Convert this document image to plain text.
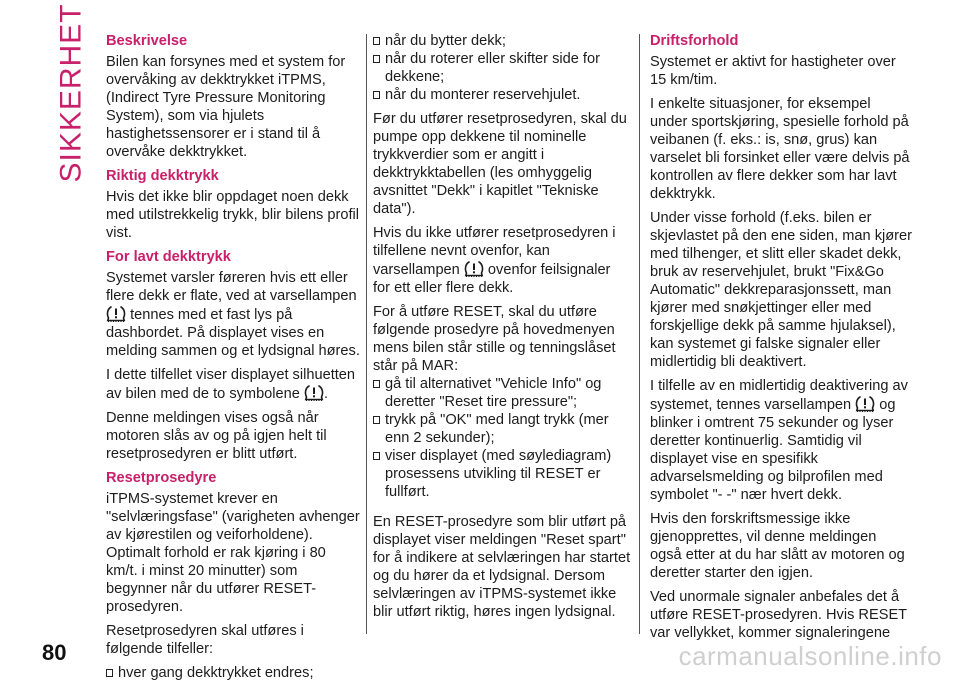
SIKKERHET Beskrivelse

Bilen kan forsynes med et system for overvåking av dekktrykket iTPMS, (Indirect Tyre Pressure Monitoring System), som via hjulets hastighetssensorer er i stand til å overvåke dekktrykket.

Riktig dekktrykk

Hvis det ikke blir oppdaget noen dekk med utilstrekkelig trykk, blir bilens profil vist.

For lavt dekktrykk

Systemet varsler føreren hvis ett eller flere dekk er flate, ved at varsellampen  tennes med et fast lys på dashbordet. På displayet vises en melding sammen og et lydsignal høres.

I dette tilfellet viser displayet silhuetten av bilen med de to symbolene .

Denne meldingen vises også når motoren slås av og på igjen helt til resetprosedyren er blitt utført.

Resetprosedyre

iTPMS-systemet krever en "selvlæringsfase" (varigheten avhenger av kjørestilen og veiforholdene). Optimalt forhold er rak kjøring i 80 km/t. i minst 20 minutter) som begynner når du utfører RESET-prosedyren.

Resetprosedyren skal utføres i følgende tilfeller:

hver gang dekktrykket endres;
når du bytter dekk;
når du roterer eller skifter side for dekkene;
når du monterer reservehjulet.

Før du utfører resetprosedyren, skal du pumpe opp dekkene til nominelle trykkverdier som er angitt i dekktrykktabellen (les omhyggelig avsnittet "Dekk" i kapitlet "Tekniske data").

Hvis du ikke utfører resetprosedyren i tilfellene nevnt ovenfor, kan varsellampen ovenfor feilsignaler for ett eller flere dekk.

For å utføre RESET, skal du utføre følgende prosedyre på hovedmenyen mens bilen står stille og tenningslåset står på MAR:

gå til alternativet "Vehicle Info" og deretter "Reset tire pressure";
trykk på "OK" med langt trykk (mer enn 2 sekunder);
viser displayet (med søylediagram) prosessens utvikling til RESET er fullført.

En RESET-prosedyre som blir utført på displayet viser meldingen "Reset spart" for å indikere at selvlæringen har startet og du hører da et lydsignal. Dersom selvlæringen av iTPMS-systemet ikke blir utført riktig, høres ingen lydsignal.

Driftsforhold

Systemet er aktivt for hastigheter over 15 km/tim.

I enkelte situasjoner, for eksempel under sportskjøring, spesielle forhold på veibanen (f. eks.: is, snø, grus) kan varselet bli forsinket eller være delvis på kontrollen av flere dekker som har lavt dekktrykk.

Under visse forhold (f.eks. bilen er skjevlastet på den ene siden, man kjører med tilhenger, et slitt eller skadet dekk, bruk av reservehjulet, brukt "Fix&Go Automatic" dekkreparasjonssett, man kjører med snøkjettinger eller med forskjellige dekk på samme hjulaksel), kan systemet gi falske signaler eller midlertidig bli deaktivert.

I tilfelle av en midlertidig deaktivering av systemet, tennes varsellampen og blinker i omtrent 75 sekunder og lyser deretter kontinuerlig. Samtidig vil displayet vise en spesifikk advarselsmelding og bilprofilen med symbolet "- -" nær hvert dekk.

Hvis den forskriftsmessige ikke gjenopprettes, vil denne meldingen også etter at du har slått av motoren og deretter starter den igjen.

Ved unormale signaler anbefales det å utføre RESET-prosedyren. Hvis RESET var vellykket, kommer signaleringene

80	carmanualsonline.info
